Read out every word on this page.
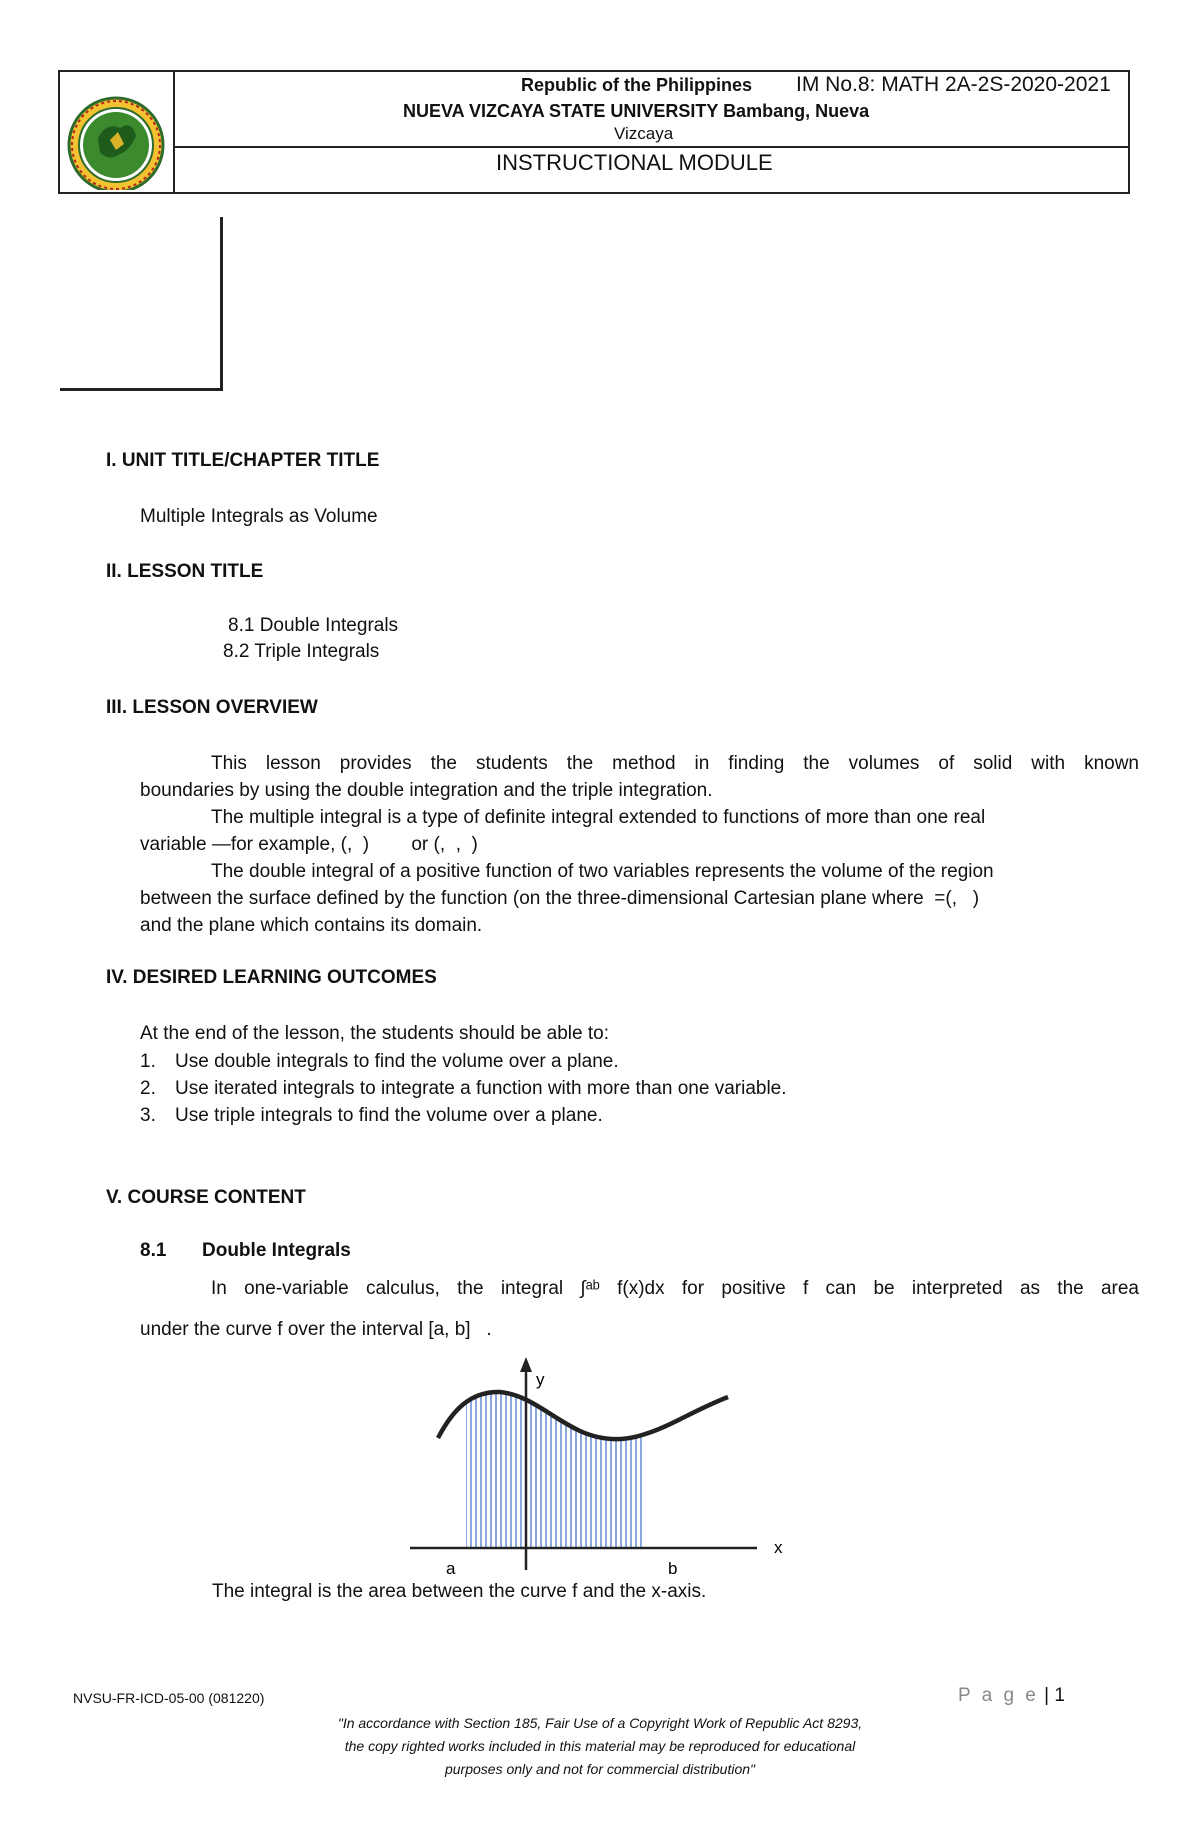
Republic of the Philippines IM No.8: MATH 2A-2S-2020-2021
NUEVA VIZCAYA STATE UNIVERSITY Bambang, Nueva
Vizcaya
INSTRUCTIONAL MODULE
I. UNIT TITLE/CHAPTER TITLE
Multiple Integrals as Volume
II. LESSON TITLE
8.1 Double Integrals
8.2 Triple Integrals
III. LESSON OVERVIEW

This lesson provides the students the method in finding the volumes of solid with known

boundaries by using the double integration and the triple integration.

The multiple integral is a type of definite integral extended to functions of more than one real

variable —for example, (,  )        or (,  ,  )

The double integral of a positive function of two variables represents the volume of the region

between the surface defined by the function (on the three-dimensional Cartesian plane where  =(,   )

and the plane which contains its domain.

IV. DESIRED LEARNING OUTCOMES
At the end of the lesson, the students should be able to:
1. Use double integrals to find the volume over a plane.
2. Use iterated integrals to integrate a function with more than one variable.
3. Use triple integrals to find the volume over a plane.
V. COURSE CONTENT
8.1 Double Integrals
In one-variable calculus, the integral ∫ᵃᵇ f(x)dx for positive f can be interpreted as the area
under the curve f over the interval [a, b]   .
y
x
a	b
The integral is the area between the curve f and the x-axis.
NVSU-FR-ICD-05-00 (081220)	P a g e | 1
"In accordance with Section 185, Fair Use of a Copyright Work of Republic Act 8293,
the copy righted works included in this material may be reproduced for educational
purposes only and not for commercial distribution"
